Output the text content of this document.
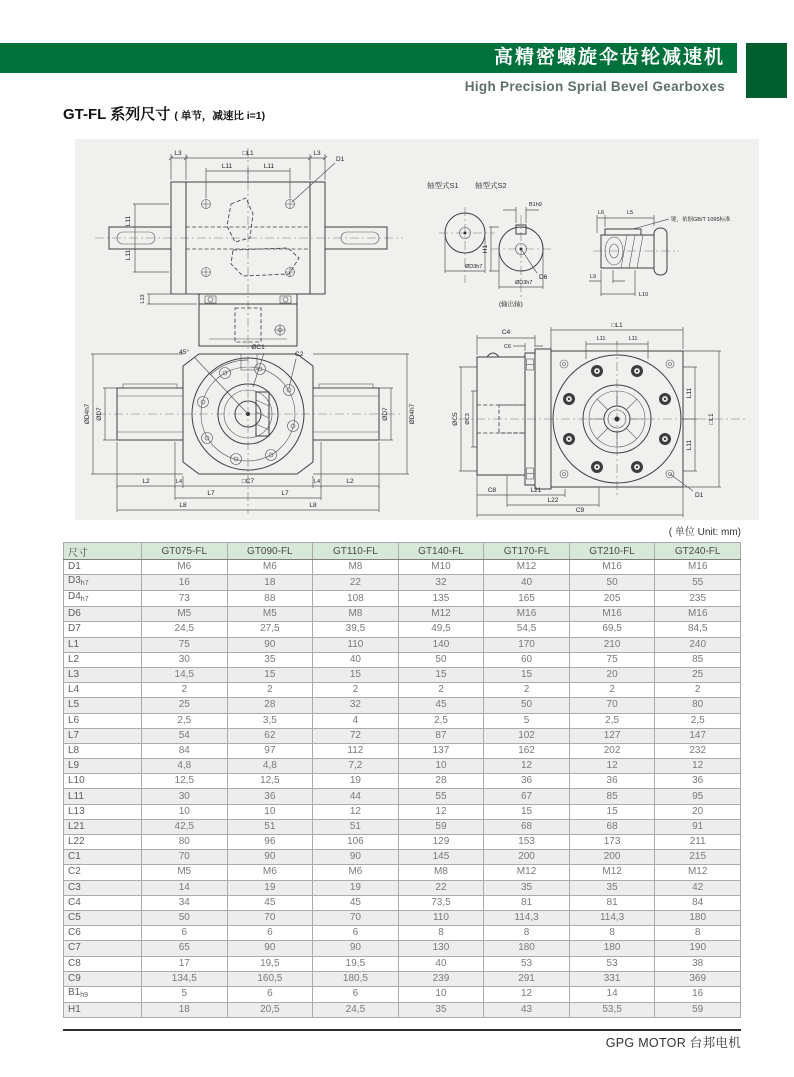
高精密螺旋伞齿轮减速机
High Precision Sprial Bevel Gearboxes
GT-FL 系列尺寸 ( 单节，减速比 i=1)
L3	□L1	L3
L11	L11
D1
L11
L11
L13
45°
ØC1
C2
ØD4h7 ØD7	ØD4h7
ØD7
L2	L4	□C7	L4	L2
L7	L7
L8	L8
轴型式S1
ØD3h7
轴型式S2
B1h9
H1
D6
ØD3h7
(输出轴)
L6	L5
键，依据GB/T 1095标准
L9
L10
C4
C6
□L1
L11	L11
ØC5 ØC3
L11
L11
□L1
C8	L21
L22
C9
D1
( 单位 Unit: mm)
尺寸	GT075-FL	GT090-FL	GT110-FL	GT140-FL	GT170-FL	GT210-FL	GT240-FL
D1	M6	M6	M8	M10	M12	M16	M16
$D3_{h7}$	16	18	22	32	40	50	55
$D4_{h7}$	73	88	108	135	165	205	235
D6	M5	M5	M8	M12	M16	M16	M16
D7	24,5	27,5	39,5	49,5	54,5	69,5	84,5
L1	75	90	110	140	170	210	240
L2	30	35	40	50	60	75	85
L3	14,5	15	15	15	15	20	25
L4	2	2	2	2	2	2	2
L5	25	28	32	45	50	70	80
L6	2,5	3,5	4	2,5	5	2,5	2,5
L7	54	62	72	87	102	127	147
L8	84	97	112	137	162	202	232
L9	4,8	4,8	7,2	10	12	12	12
L10	12,5	12,5	19	28	36	36	36
L11	30	36	44	55	67	85	95
L13	10	10	12	12	15	15	20
L21	42,5	51	51	59	68	68	91
L22	80	96	106	129	153	173	211
C1	70	90	90	145	200	200	215
C2	M5	M6	M6	M8	M12	M12	M12
C3	14	19	19	22	35	35	42
C4	34	45	45	73,5	81	81	84
C5	50	70	70	110	114,3	114,3	180
C6	6	6	6	8	8	8	8
C7	65	90	90	130	180	180	190
C8	17	19,5	19,5	40	53	53	38
C9	134,5	160,5	180,5	239	291	331	369
$B1_{h9}$	5	6	6	10	12	14	16
H1	18	20,5	24,5	35	43	53,5	59
GPG MOTOR 台邦电机
